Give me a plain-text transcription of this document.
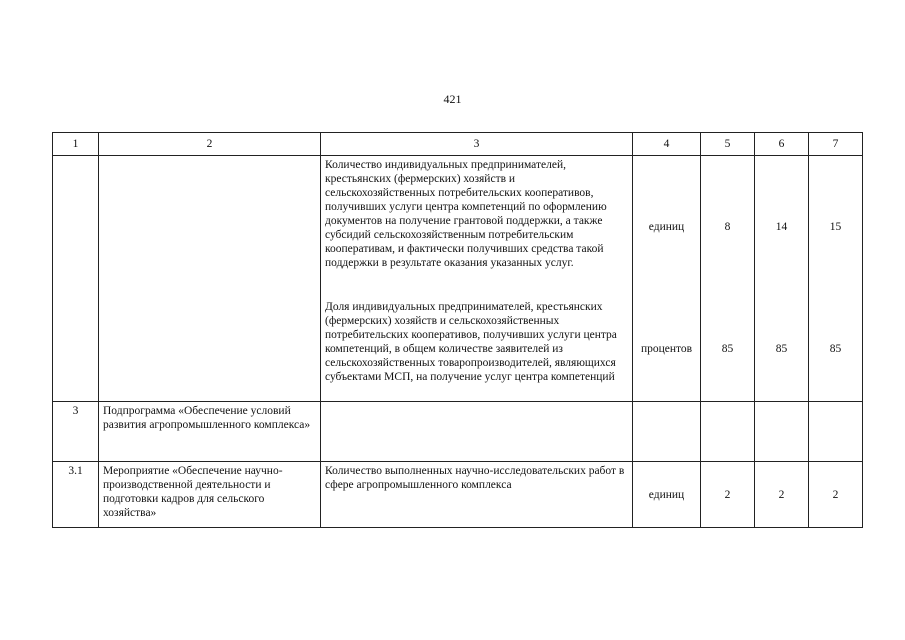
421
1	2	3	4	5	6	7

		Количество индивидуальных предпринимателей, крестьянских (фермерских) хозяйств и сельскохозяйственных потребительских кооперативов, получивших услуги центра компетенций по оформлению документов на получение грантовой поддержки, а также субсидий сельскохозяйственным потребительским кооперативам, и фактически получивших средства такой поддержки в результате оказания указанных услуг.	единиц	8	14	15

		Доля индивидуальных предпринимателей, крестьянских (фермерских) хозяйств и сельскохозяйственных потребительских кооперативов, получивших услуги центра компетенций, в общем количестве заявителей из сельскохозяйственных товаропроизводителей, являющихся субъектами МСП, на получение услуг центра компетенций	процентов	85	85	85
3	Подпрограмма «Обеспечение условий развития агропромышленного комплекса»					
3.1	Мероприятие «Обеспечение научно-производственной деятельности и подготовки кадров для сельского хозяйства»	Количество выполненных научно-исследовательских работ в сфере агропромышленного комплекса	единиц	2	2	2
